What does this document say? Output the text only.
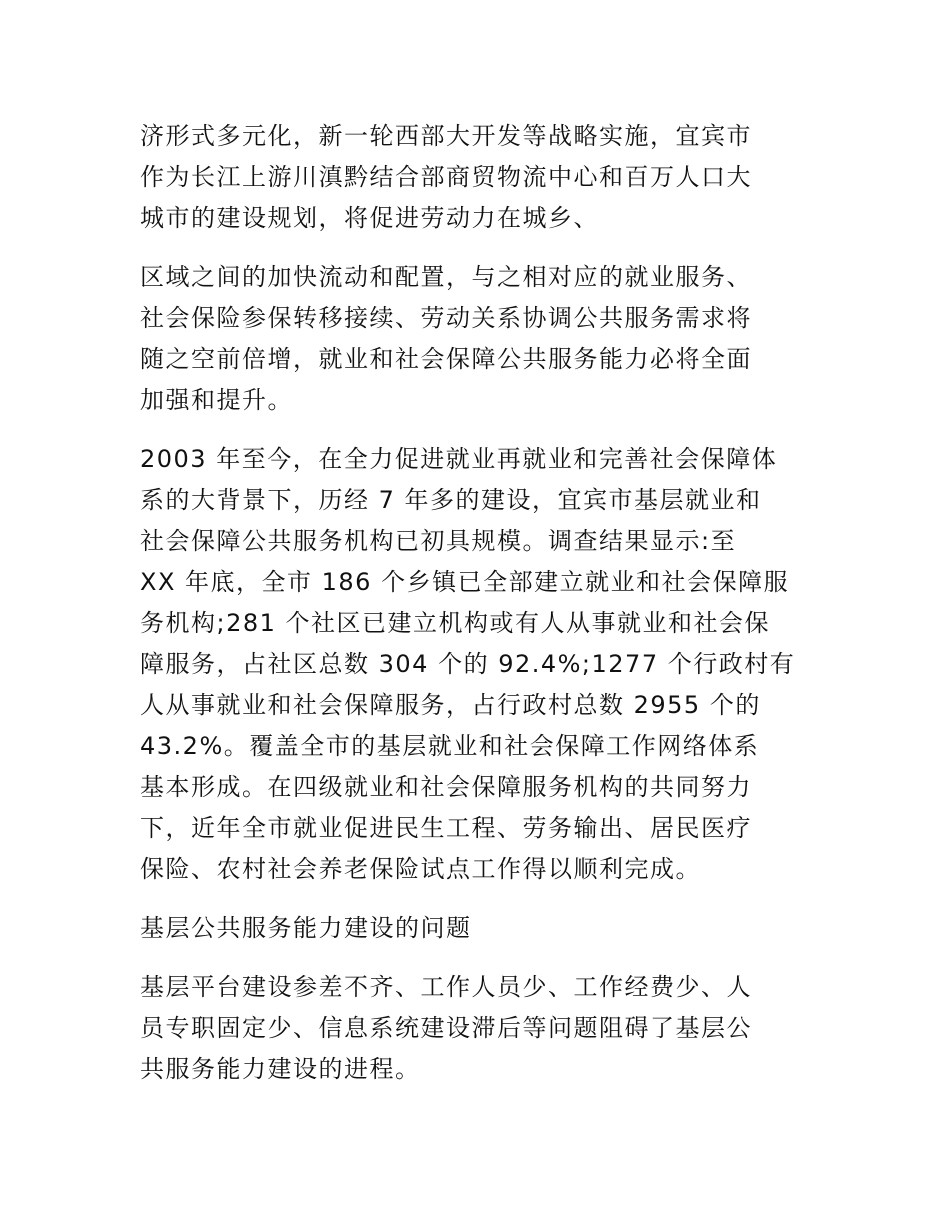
济形式多元化，新一轮西部大开发等战略实施，宜宾市
作为长江上游川滇黔结合部商贸物流中心和百万人口大
城市的建设规划，将促进劳动力在城乡、

区域之间的加快流动和配置，与之相对应的就业服务、
社会保险参保转移接续、劳动关系协调公共服务需求将
随之空前倍增，就业和社会保障公共服务能力必将全面
加强和提升。

2003 年至今，在全力促进就业再就业和完善社会保障体
系的大背景下，历经 7 年多的建设，宜宾市基层就业和
社会保障公共服务机构已初具规模。调查结果显示:至
XX 年底，全市 186 个乡镇已全部建立就业和社会保障服
务机构;281 个社区已建立机构或有人从事就业和社会保
障服务，占社区总数 304 个的 92.4%;1277 个行政村有
人从事就业和社会保障服务，占行政村总数 2955 个的
43.2%。覆盖全市的基层就业和社会保障工作网络体系
基本形成。在四级就业和社会保障服务机构的共同努力
下，近年全市就业促进民生工程、劳务输出、居民医疗
保险、农村社会养老保险试点工作得以顺利完成。

基层公共服务能力建设的问题

基层平台建设参差不齐、工作人员少、工作经费少、人
员专职固定少、信息系统建设滞后等问题阻碍了基层公
共服务能力建设的进程。
